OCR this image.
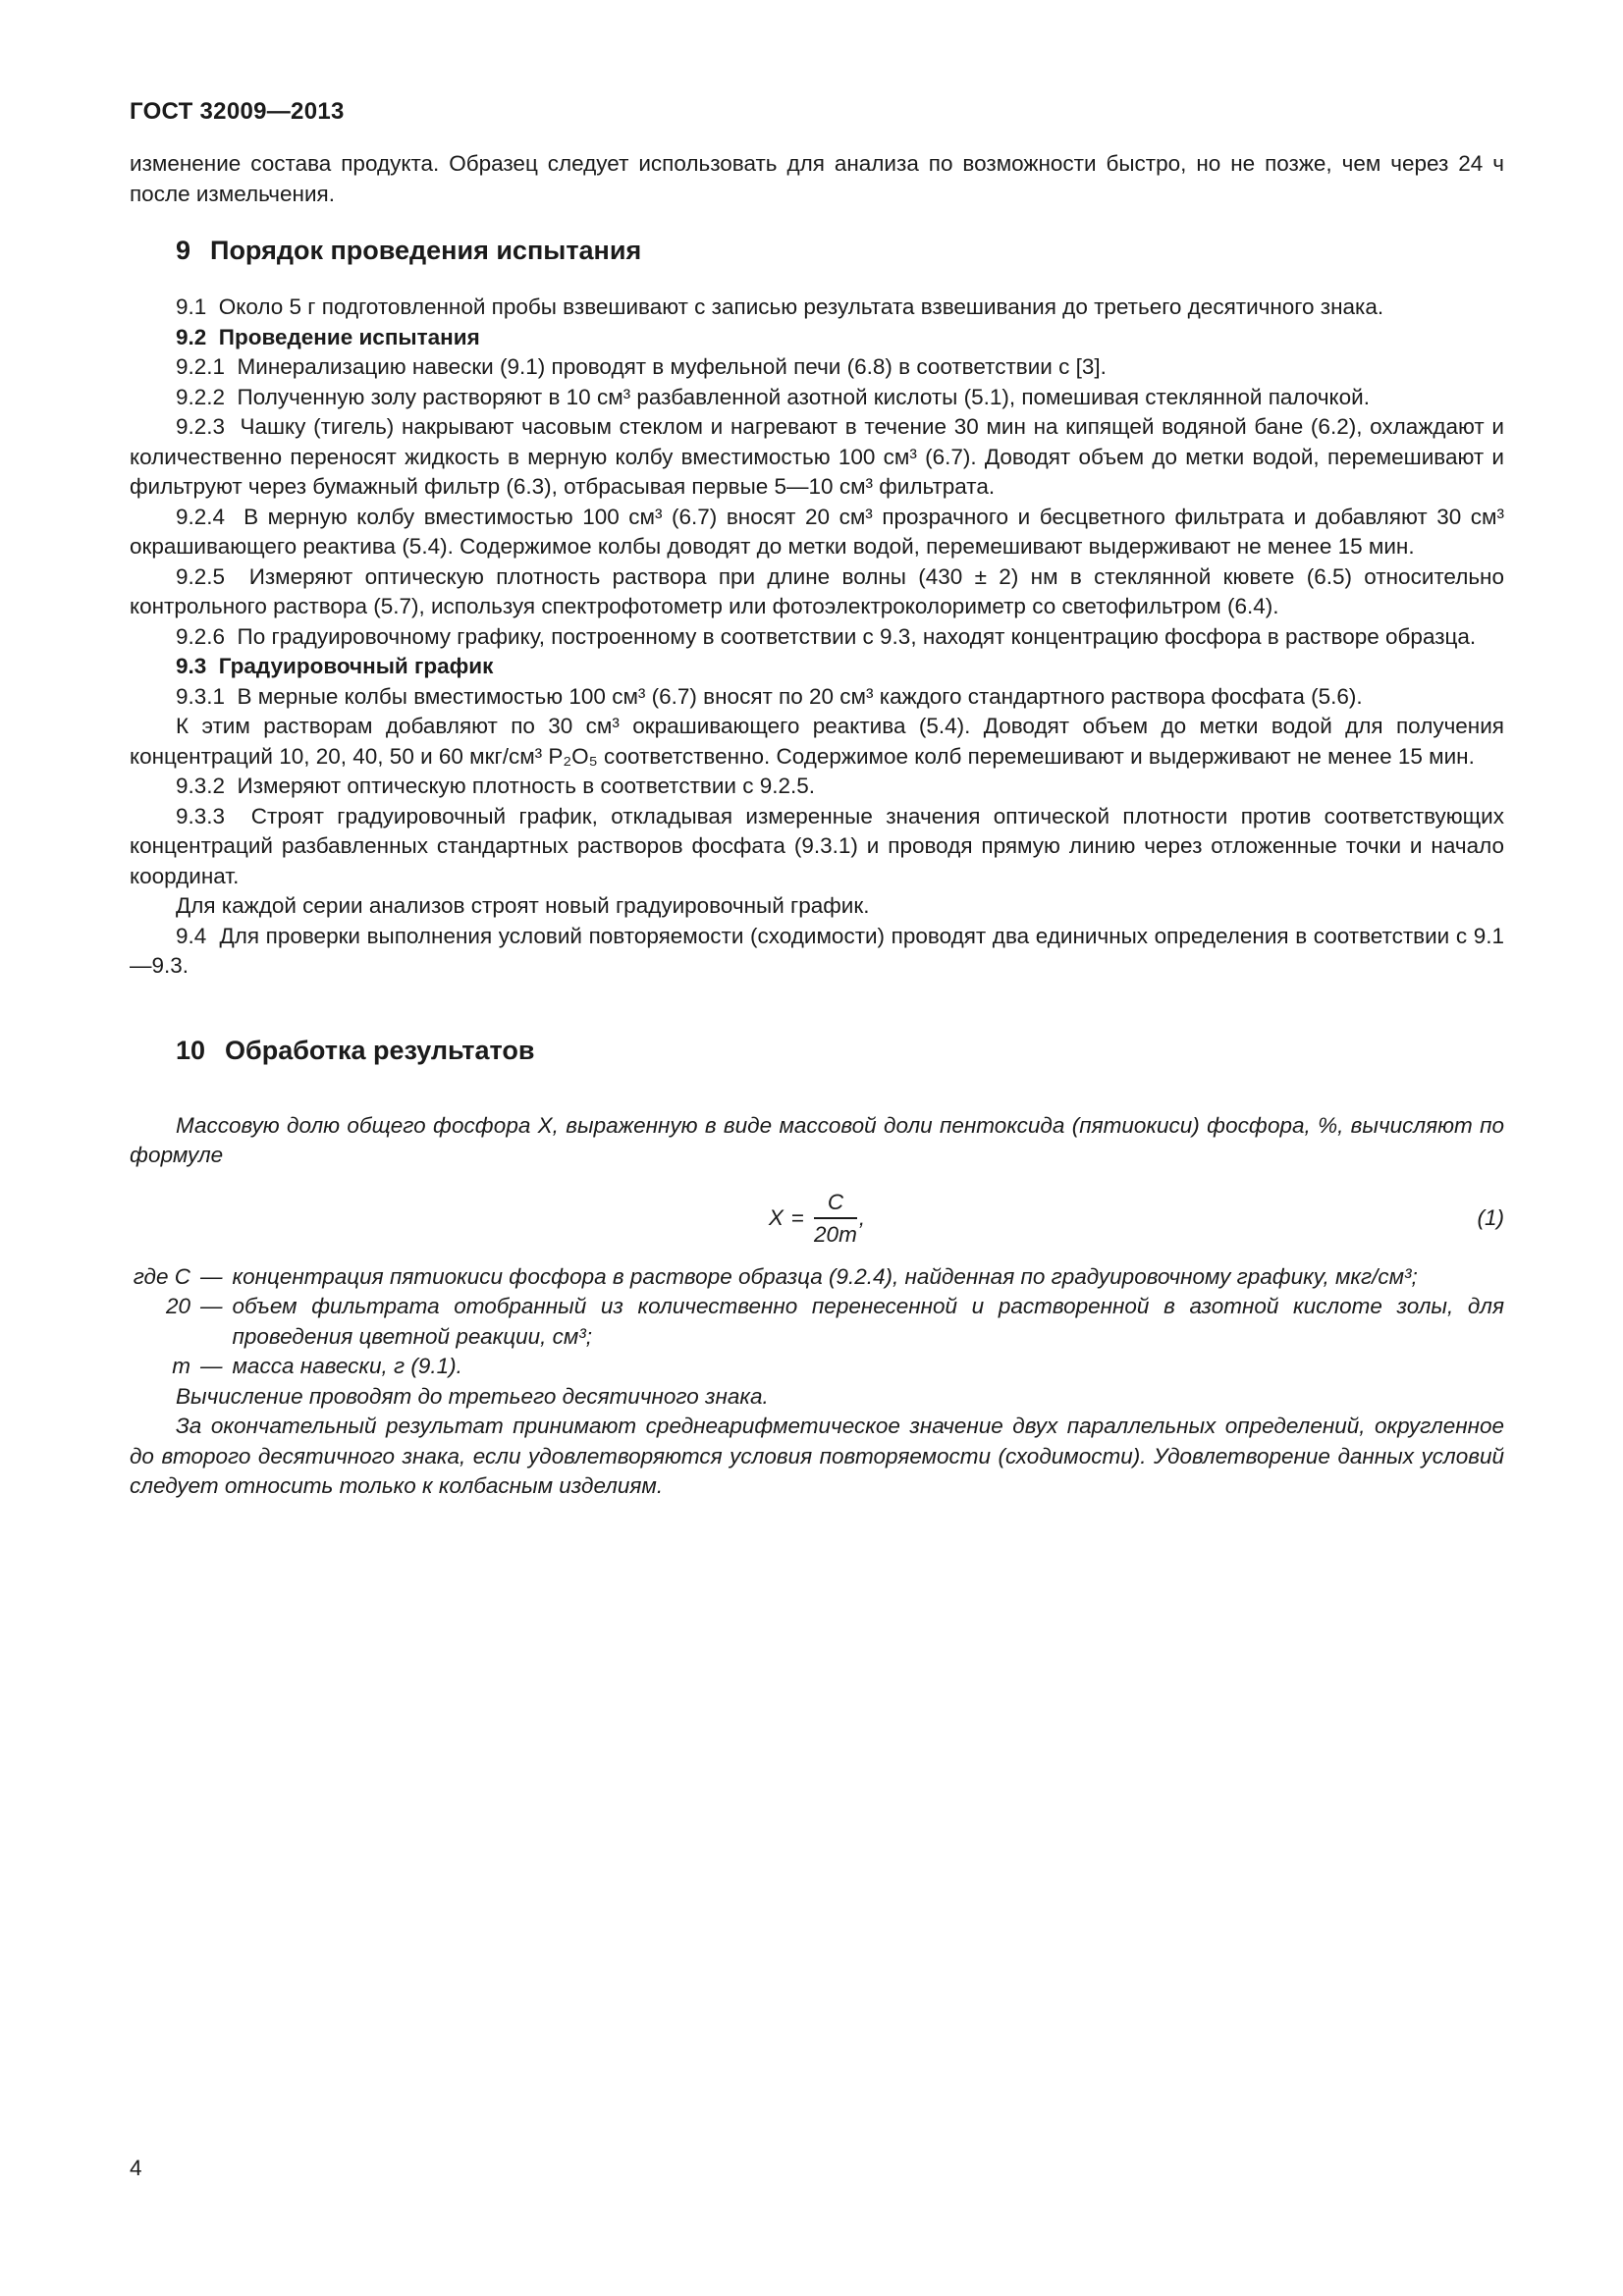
ГОСТ 32009—2013

изменение состава продукта. Образец следует использовать для анализа по возможности быстро, но не позже, чем через 24 ч после измельчения.

9 Порядок проведения испытания

9.1  Около 5 г подготовленной пробы взвешивают с записью результата взвешивания до третьего десятичного знака.

9.2  Проведение испытания

9.2.1  Минерализацию навески (9.1) проводят в муфельной печи (6.8) в соответствии с [3].

9.2.2  Полученную золу растворяют в 10 см³ разбавленной азотной кислоты (5.1), помешивая стеклянной палочкой.

9.2.3  Чашку (тигель) накрывают часовым стеклом и нагревают в течение 30 мин на кипящей водяной бане (6.2), охлаждают и количественно переносят жидкость в мерную колбу вместимостью 100 см³ (6.7). Доводят объем до метки водой, перемешивают и фильтруют через бумажный фильтр (6.3), отбрасывая первые 5—10 см³ фильтрата.

9.2.4  В мерную колбу вместимостью 100 см³ (6.7) вносят 20 см³ прозрачного и бесцветного фильтрата и добавляют 30 см³ окрашивающего реактива (5.4). Содержимое колбы доводят до метки водой, перемешивают выдерживают не менее 15 мин.

9.2.5  Измеряют оптическую плотность раствора при длине волны (430 ± 2) нм в стеклянной кювете (6.5) относительно контрольного раствора (5.7), используя спектрофотометр или фотоэлектроколориметр со светофильтром (6.4).

9.2.6  По градуировочному графику, построенному в соответствии с 9.3, находят концентрацию фосфора в растворе образца.

9.3  Градуировочный график

9.3.1  В мерные колбы вместимостью 100 см³ (6.7) вносят по 20 см³ каждого стандартного раствора фосфата (5.6).

К этим растворам добавляют по 30 см³ окрашивающего реактива (5.4). Доводят объем до метки водой для получения концентраций 10, 20, 40, 50 и 60 мкг/см³ Р₂О₅ соответственно. Содержимое колб перемешивают и выдерживают не менее 15 мин.

9.3.2  Измеряют оптическую плотность в соответствии с 9.2.5.

9.3.3  Строят градуировочный график, откладывая измеренные значения оптической плотности против соответствующих концентраций разбавленных стандартных растворов фосфата (9.3.1) и проводя прямую линию через отложенные точки и начало координат.

Для каждой серии анализов строят новый градуировочный график.

9.4  Для проверки выполнения условий повторяемости (сходимости) проводят два единичных определения в соответствии с 9.1—9.3.

10 Обработка результатов

Массовую долю общего фосфора X, выраженную в виде массовой доли пентоксида (пятиокиси) фосфора, %, вычисляют по формуле

$X = \frac{C}{20m}$ ,	(1)
где С — концентрация пятиокиси фосфора в растворе образца (9.2.4), найденная по градуировочному графику, мкг/см³;
20 — объем фильтрата отобранный из количественно перенесенной и растворенной в азотной кислоте золы, для проведения цветной реакции, см³;
m — масса навески, г (9.1).

Вычисление проводят до третьего десятичного знака.

За окончательный результат принимают среднеарифметическое значение двух параллельных определений, округленное до второго десятичного знака, если удовлетворяются условия повторяемости (сходимости). Удовлетворение данных условий следует относить только к колбасным изделиям.

4
